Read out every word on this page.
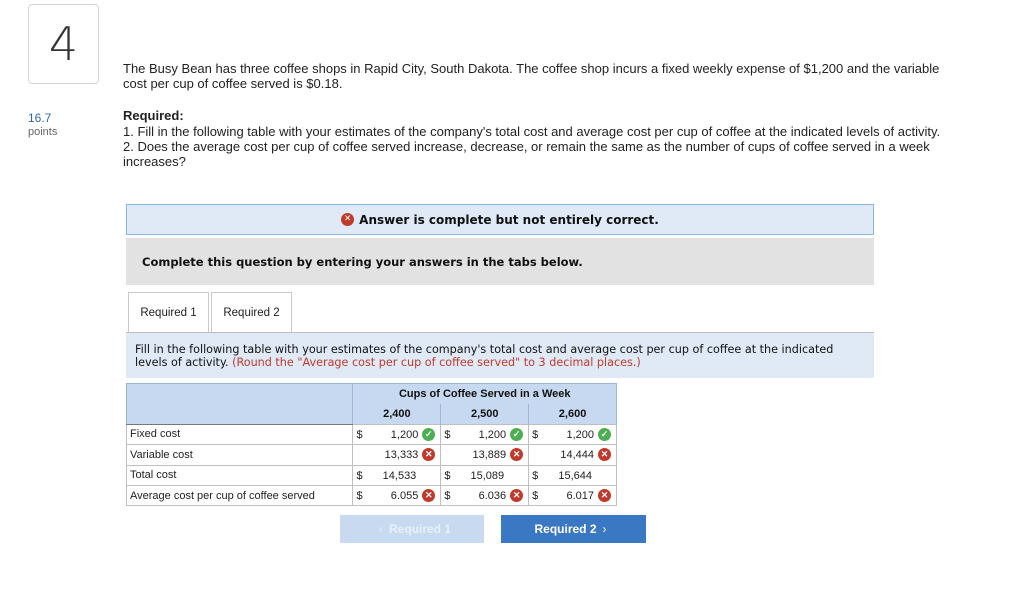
4
16.7
points
The Busy Bean has three coffee shops in Rapid City, South Dakota. The coffee shop incurs a fixed weekly expense of $1,200 and the variable cost per cup of coffee served is $0.18.
Required:
1. Fill in the following table with your estimates of the company's total cost and average cost per cup of coffee at the indicated levels of activity.
2. Does the average cost per cup of coffee served increase, decrease, or remain the same as the number of cups of coffee served in a week increases?
✕ Answer is complete but not entirely correct.
Complete this question by entering your answers in the tabs below.
Required 1	Required 2
Fill in the following table with your estimates of the company's total cost and average cost per cup of coffee at the indicated levels of activity. (Round the "Average cost per cup of coffee served" to 3 decimal places.)
	Cups of Coffee Served in a Week		
	2,400	2,500	2,600
Fixed cost	$ 1,200 ✓	$ 1,200 ✓	$ 1,200 ✓

Variable cost	13,333 ✕	13,889 ✕	14,444 ✕

Total cost	$ 14,533	$ 15,089	$ 15,644

Average cost per cup of coffee served	$ 6.055 ✕	$ 6.036 ✕	$ 6.017 ✕
‹ Required 1	Required 2 ›
